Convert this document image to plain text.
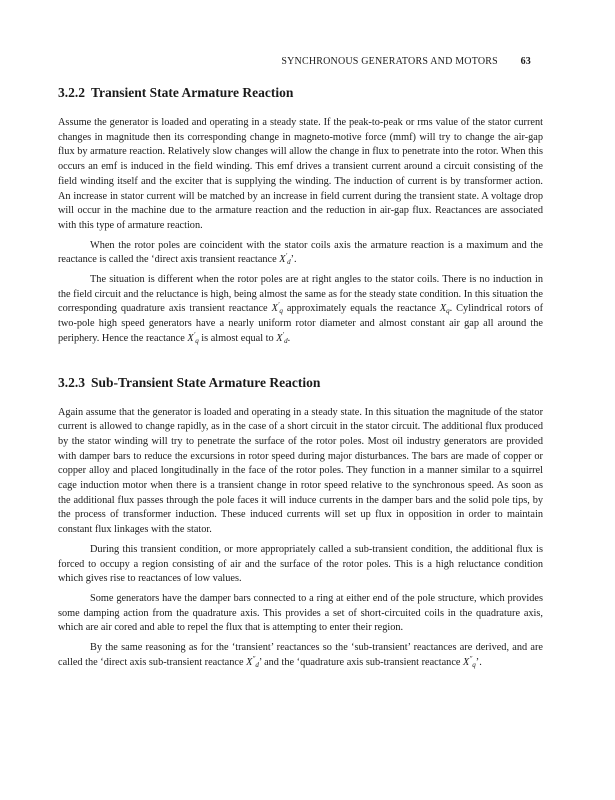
SYNCHRONOUS GENERATORS AND MOTORS 63
3.2.2 Transient State Armature Reaction

Assume the generator is loaded and operating in a steady state. If the peak-to-peak or rms value of the stator current changes in magnitude then its corresponding change in magneto-motive force (mmf) will try to change the air-gap flux by armature reaction. Relatively slow changes will allow the change in flux to penetrate into the rotor. When this occurs an emf is induced in the field winding. This emf drives a transient current around a circuit consisting of the field winding itself and the exciter that is supplying the winding. The induction of current is by transformer action. An increase in stator current will be matched by an increase in field current during the transient state. A voltage drop will occur in the machine due to the armature reaction and the reduction in air-gap flux. Reactances are associated with this type of armature reaction.

When the rotor poles are coincident with the stator coils axis the armature reaction is a maximum and the reactance is called the ‘direct axis transient reactance $X'_d$’.

The situation is different when the rotor poles are at right angles to the stator coils. There is no induction in the field circuit and the reluctance is high, being almost the same as for the steady state condition. In this situation the corresponding quadrature axis transient reactance $X'_q$ approximately equals the reactance $X_q$. Cylindrical rotors of two-pole high speed generators have a nearly uniform rotor diameter and almost constant air gap all around the periphery. Hence the reactance $X'_q$ is almost equal to $X'_d$.

3.2.3 Sub-Transient State Armature Reaction

Again assume that the generator is loaded and operating in a steady state. In this situation the magnitude of the stator current is allowed to change rapidly, as in the case of a short circuit in the stator circuit. The additional flux produced by the stator winding will try to penetrate the surface of the rotor poles. Most oil industry generators are provided with damper bars to reduce the excursions in rotor speed during major disturbances. The bars are made of copper or copper alloy and placed longitudinally in the face of the rotor poles. They function in a manner similar to a squirrel cage induction motor when there is a transient change in rotor speed relative to the synchronous speed. As soon as the additional flux passes through the pole faces it will induce currents in the damper bars and the solid pole tips, by the process of transformer induction. These induced currents will set up flux in opposition in order to maintain constant flux linkages with the stator.

During this transient condition, or more appropriately called a sub-transient condition, the additional flux is forced to occupy a region consisting of air and the surface of the rotor poles. This is a high reluctance condition which gives rise to reactances of low values.

Some generators have the damper bars connected to a ring at either end of the pole structure, which provides some damping action from the quadrature axis. This provides a set of short-circuited coils in the quadrature axis, which are air cored and able to repel the flux that is attempting to enter their region.

By the same reasoning as for the ‘transient’ reactances so the ‘sub-transient’ reactances are derived, and are called the ‘direct axis sub-transient reactance $X''_d$’ and the ‘quadrature axis sub-transient reactance $X''_q$’.
